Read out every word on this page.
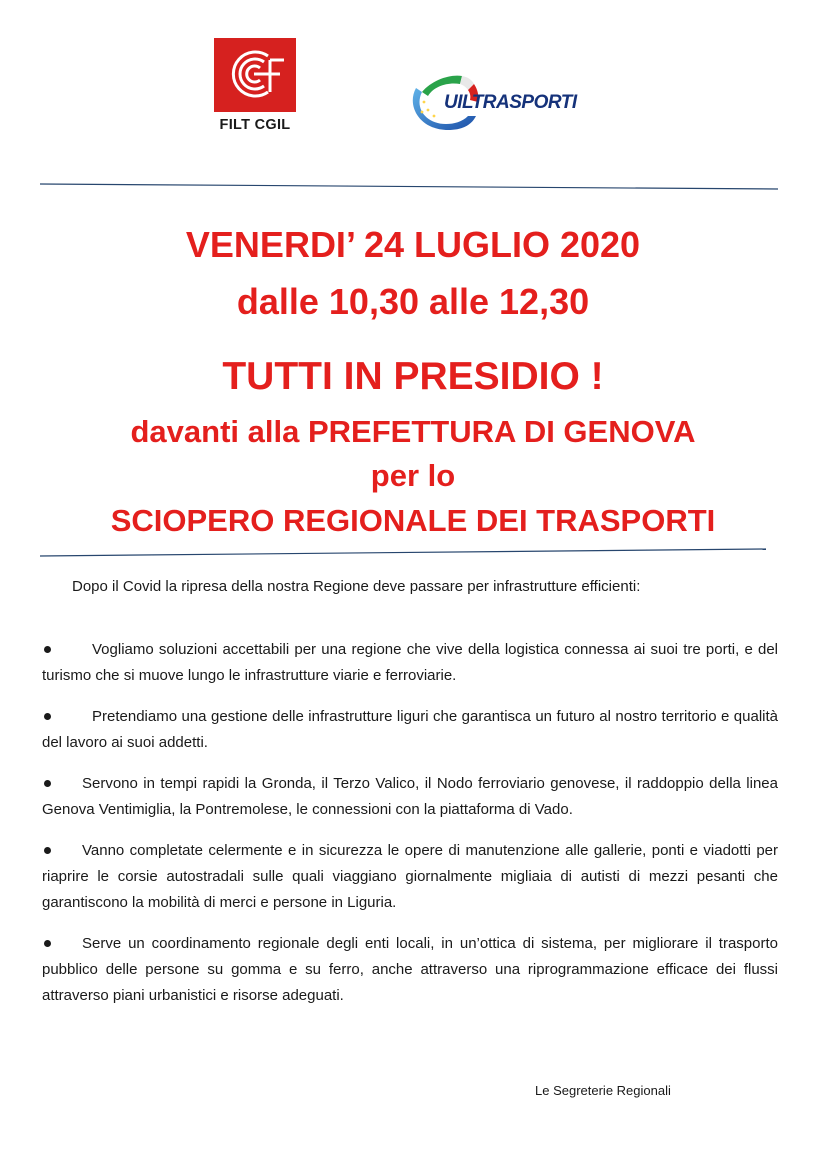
FILT CGIL
UILTRASPORTI
VENERDI’ 24 LUGLIO 2020
dalle 10,30 alle 12,30
TUTTI IN PRESIDIO !
davanti alla PREFETTURA DI GENOVA
per lo
SCIOPERO REGIONALE DEI TRASPORTI
Dopo il Covid la ripresa della nostra Regione deve passare per infrastrutture efficienti:

Vogliamo soluzioni accettabili per una regione che vive della logistica connessa ai suoi tre porti, e del turismo che si muove lungo le infrastrutture viarie e ferroviarie.

Pretendiamo una gestione delle infrastrutture liguri che garantisca un futuro al nostro territorio e qualità del lavoro ai suoi addetti.

Servono in tempi rapidi la Gronda, il Terzo Valico, il Nodo ferroviario genovese, il raddoppio della linea Genova Ventimiglia, la Pontremolese, le connessioni con la piattaforma di Vado.

Vanno completate celermente e in sicurezza le opere di manutenzione alle gallerie, ponti e viadotti per riaprire le corsie autostradali sulle quali viaggiano giornalmente migliaia di autisti di mezzi pesanti che garantiscono la mobilità di merci e persone in Liguria.

Serve un coordinamento regionale degli enti locali, in un’ottica di sistema, per migliorare il trasporto pubblico delle persone su gomma e su ferro, anche attraverso una riprogrammazione efficace dei flussi attraverso piani urbanistici e risorse adeguati.

Le Segreterie Regionali
